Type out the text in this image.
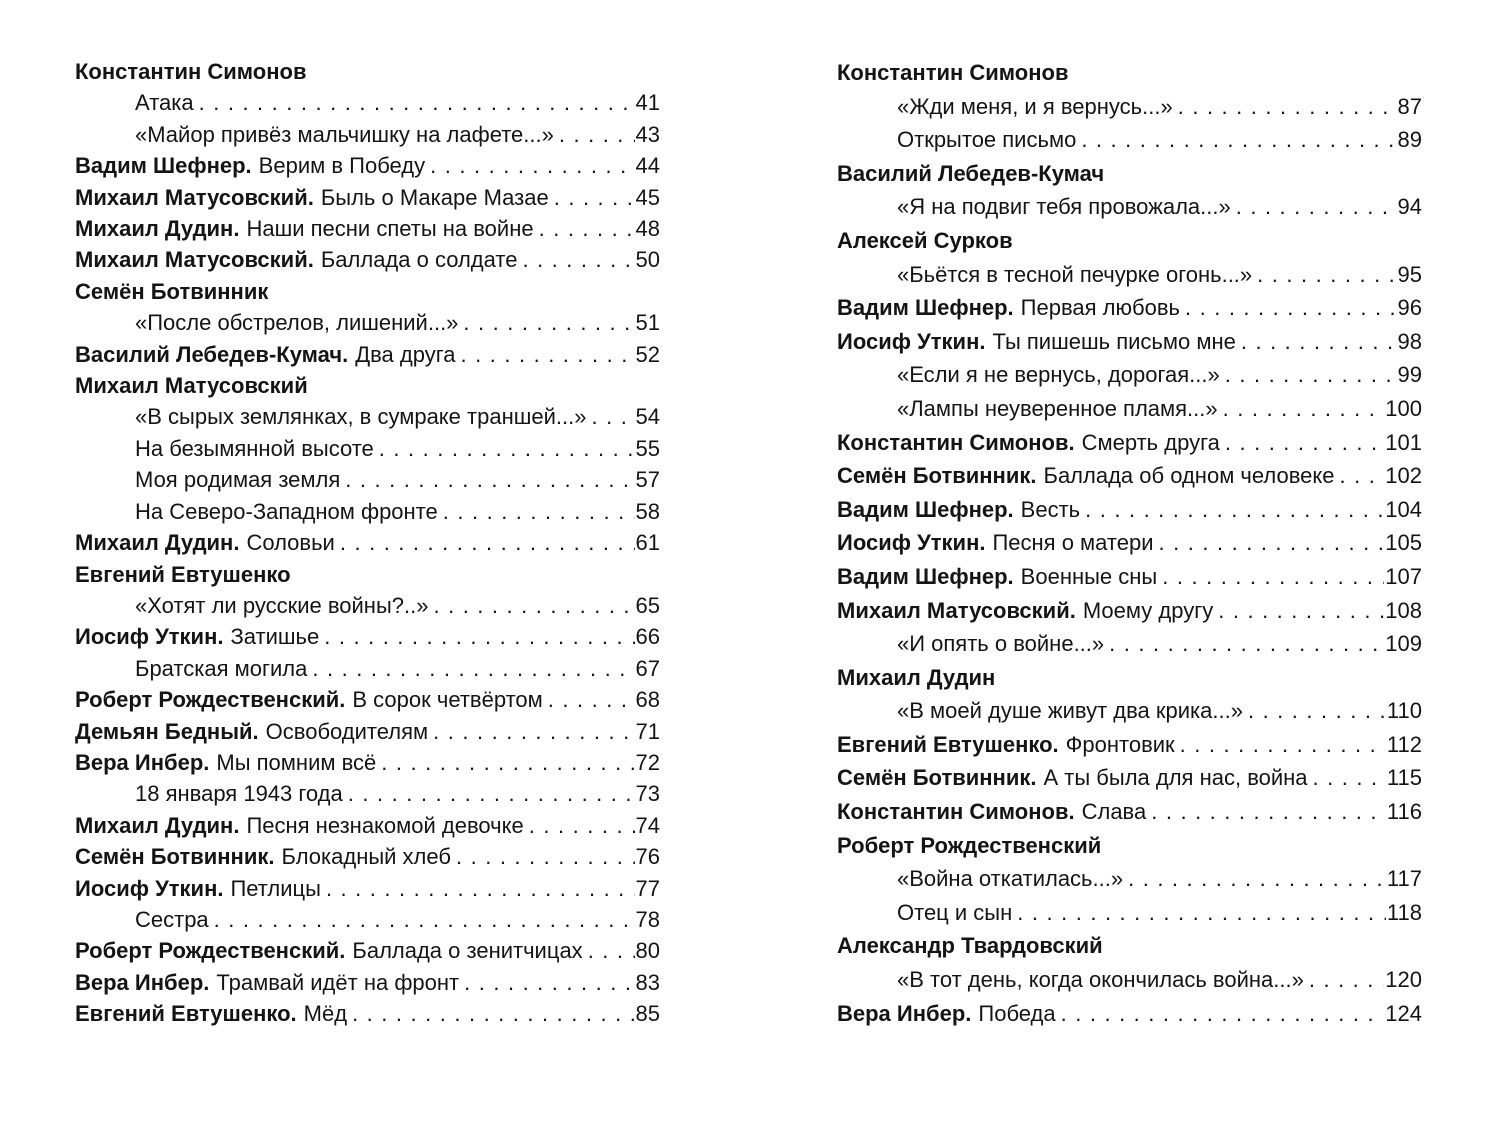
Константин Симонов
Атака .....	41
«Майор привёз мальчишку на лафете...» .....	43
Вадим Шефнер. Верим в Победу .....	44
Михаил Матусовский. Быль о Макаре Мазае .....	45
Михаил Дудин. Наши песни спеты на войне .....	48
Михаил Матусовский. Баллада о солдате .....	50
Семён Ботвинник
«После обстрелов, лишений...» .....	51
Василий Лебедев-Кумач. Два друга .....	52
Михаил Матусовский
«В сырых землянках, в сумраке траншей...» ..... 54
На безымянной высоте .....	55
Моя родимая земля .....	57
На Северо-Западном фронте .....	58
Михаил Дудин. Соловьи .....	61
Евгений Евтушенко
«Хотят ли русские войны?..» .....	65
Иосиф Уткин. Затишье .....	66
Братская могила .....	67
Роберт Рождественский. В сорок четвёртом .....	68
Демьян Бедный. Освободителям .....	71
Вера Инбер. Мы помним всё .....	72
18 января 1943 года .....	73
Михаил Дудин. Песня незнакомой девочке .....	74
Семён Ботвинник. Блокадный хлеб .....	76
Иосиф Уткин. Петлицы .....	77
Сестра .....	78
Роберт Рождественский. Баллада о зенитчицах ..... 80
Вера Инбер. Трамвай идёт на фронт .....	83
Евгений Евтушенко. Мёд .....	85
Константин Симонов
«Жди меня, и я вернусь...» .....	87
Открытое письмо .....	89
Василий Лебедев-Кумач
«Я на подвиг тебя провожала...» .....	94
Алексей Сурков
«Бьётся в тесной печурке огонь...» .....	95
Вадим Шефнер. Первая любовь .....	96
Иосиф Уткин. Ты пишешь письмо мне .....	98
«Если я не вернусь, дорогая...» .....	99
«Лампы неуверенное пламя...» .....	100
Константин Симонов. Смерть друга .....	101
Семён Ботвинник. Баллада об одном человеке ..... 102
Вадим Шефнер. Весть .....	104
Иосиф Уткин. Песня о матери .....	105
Вадим Шефнер. Военные сны .....	107
Михаил Матусовский. Моему другу .....	108
«И опять о войне...» .....	109
Михаил Дудин
«В моей душе живут два крика...» .....	110
Евгений Евтушенко. Фронтовик .....	112
Семён Ботвинник. А ты была для нас, война .....	115
Константин Симонов. Слава .....	116
Роберт Рождественский
«Война откатилась...» .....	117
Отец и сын .....	118
Александр Твардовский
«В тот день, когда окончилась война...» .....	120
Вера Инбер. Победа .....	124
